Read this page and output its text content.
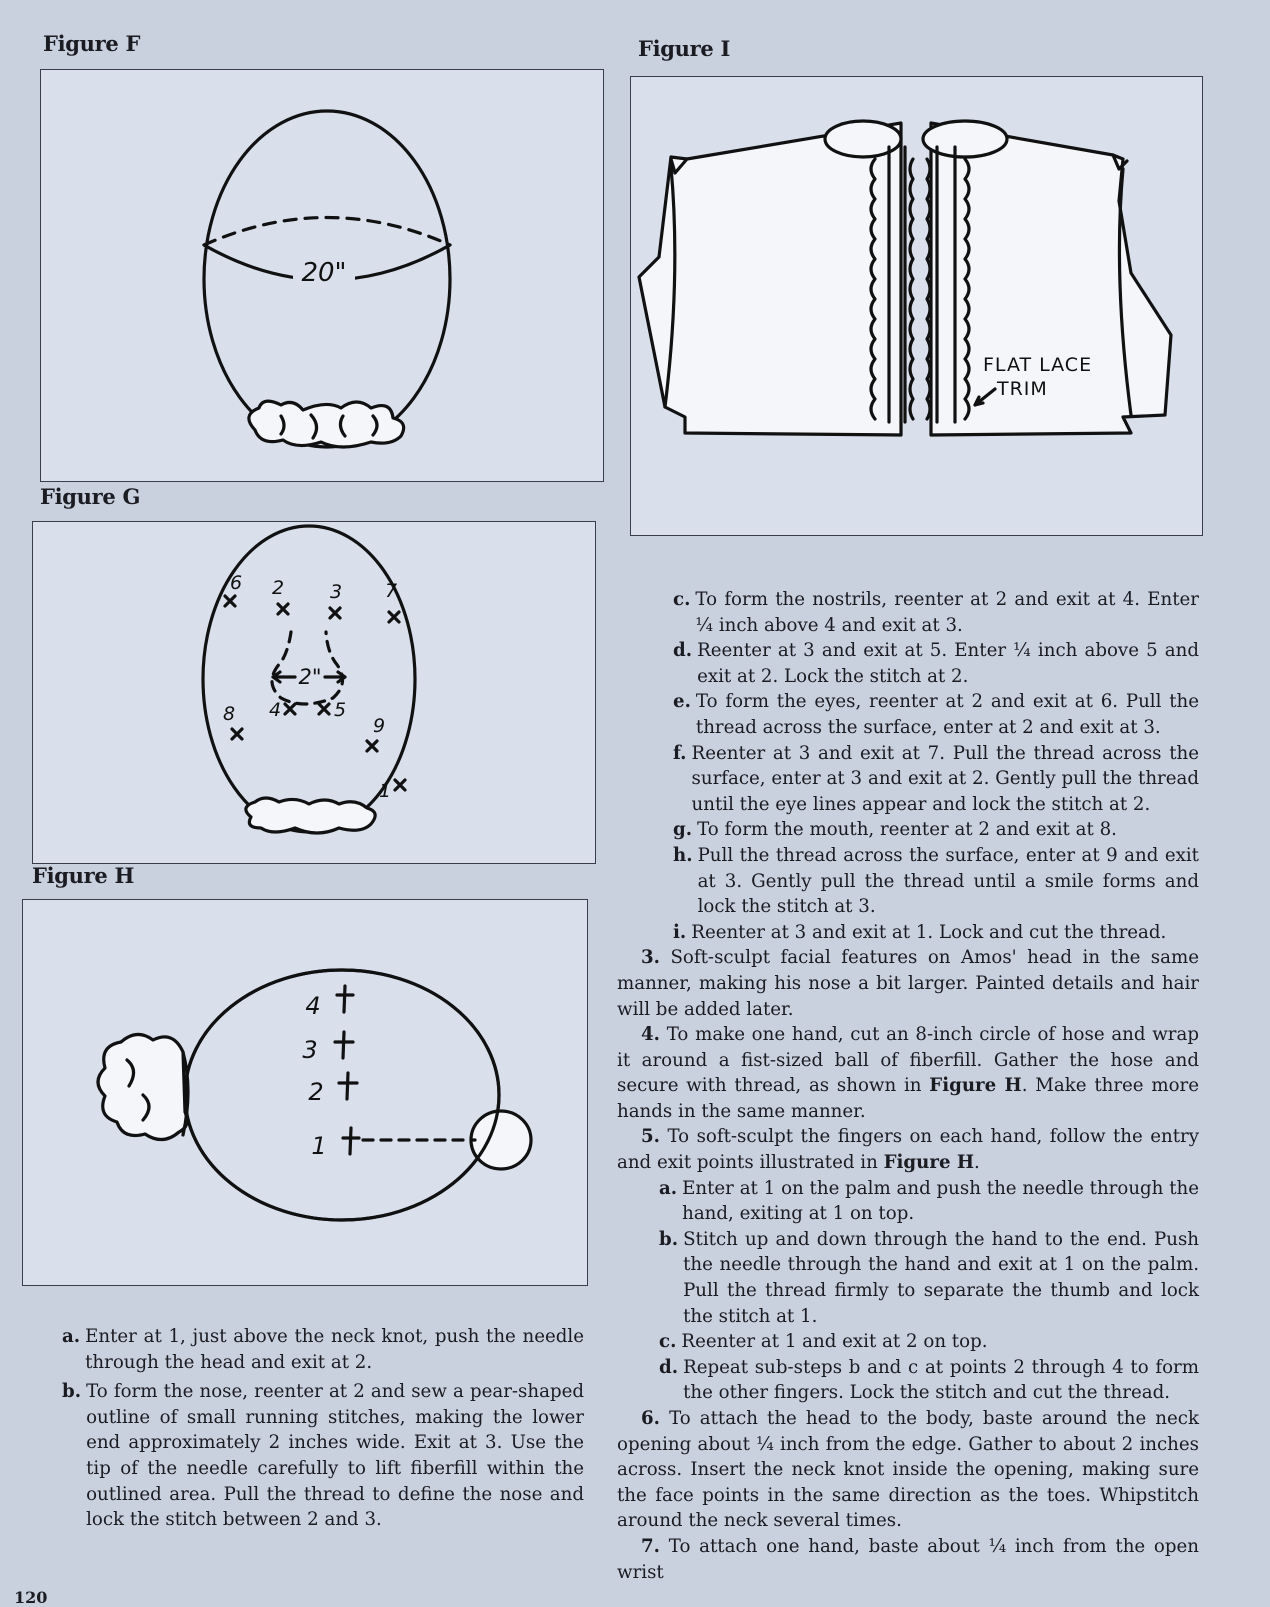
Figure F
20"
Figure G
2"
2 3
6	7
4	5
8
9
1
Figure H
4
3
2
1
Figure I
FLAT LACE
TRIM
a. Enter at 1, just above the neck knot, push the needle through the head and exit at 2.
b. To form the nose, reenter at 2 and sew a pear-shaped outline of small running stitches, making the lower end approximately 2 inches wide. Exit at 3. Use the tip of the needle carefully to lift fiberfill within the outlined area. Pull the thread to define the nose and lock the stitch between 2 and 3.
c. To form the nostrils, reenter at 2 and exit at 4. Enter ¼ inch above 4 and exit at 3.
d. Reenter at 3 and exit at 5. Enter ¼ inch above 5 and exit at 2. Lock the stitch at 2.
e. To form the eyes, reenter at 2 and exit at 6. Pull the thread across the surface, enter at 2 and exit at 3.
f. Reenter at 3 and exit at 7. Pull the thread across the surface, enter at 3 and exit at 2. Gently pull the thread until the eye lines appear and lock the stitch at 2.
g. To form the mouth, reenter at 2 and exit at 8.
h. Pull the thread across the surface, enter at 9 and exit at 3. Gently pull the thread until a smile forms and lock the stitch at 3.
i. Reenter at 3 and exit at 1. Lock and cut the thread.

3. Soft-sculpt facial features on Amos' head in the same manner, making his nose a bit larger. Painted details and hair will be added later.

4. To make one hand, cut an 8-inch circle of hose and wrap it around a fist-sized ball of fiberfill. Gather the hose and secure with thread, as shown in Figure H. Make three more hands in the same manner.

5. To soft-sculpt the fingers on each hand, follow the entry and exit points illustrated in Figure H.

a. Enter at 1 on the palm and push the needle through the hand, exiting at 1 on top.
b. Stitch up and down through the hand to the end. Push the needle through the hand and exit at 1 on the palm. Pull the thread firmly to separate the thumb and lock the stitch at 1.
c. Reenter at 1 and exit at 2 on top.
d. Repeat sub-steps b and c at points 2 through 4 to form the other fingers. Lock the stitch and cut the thread.

6. To attach the head to the body, baste around the neck opening about ¼ inch from the edge. Gather to about 2 inches across. Insert the neck knot inside the opening, making sure the face points in the same direction as the toes. Whipstitch around the neck several times.

7. To attach one hand, baste about ¼ inch from the open wrist

120
